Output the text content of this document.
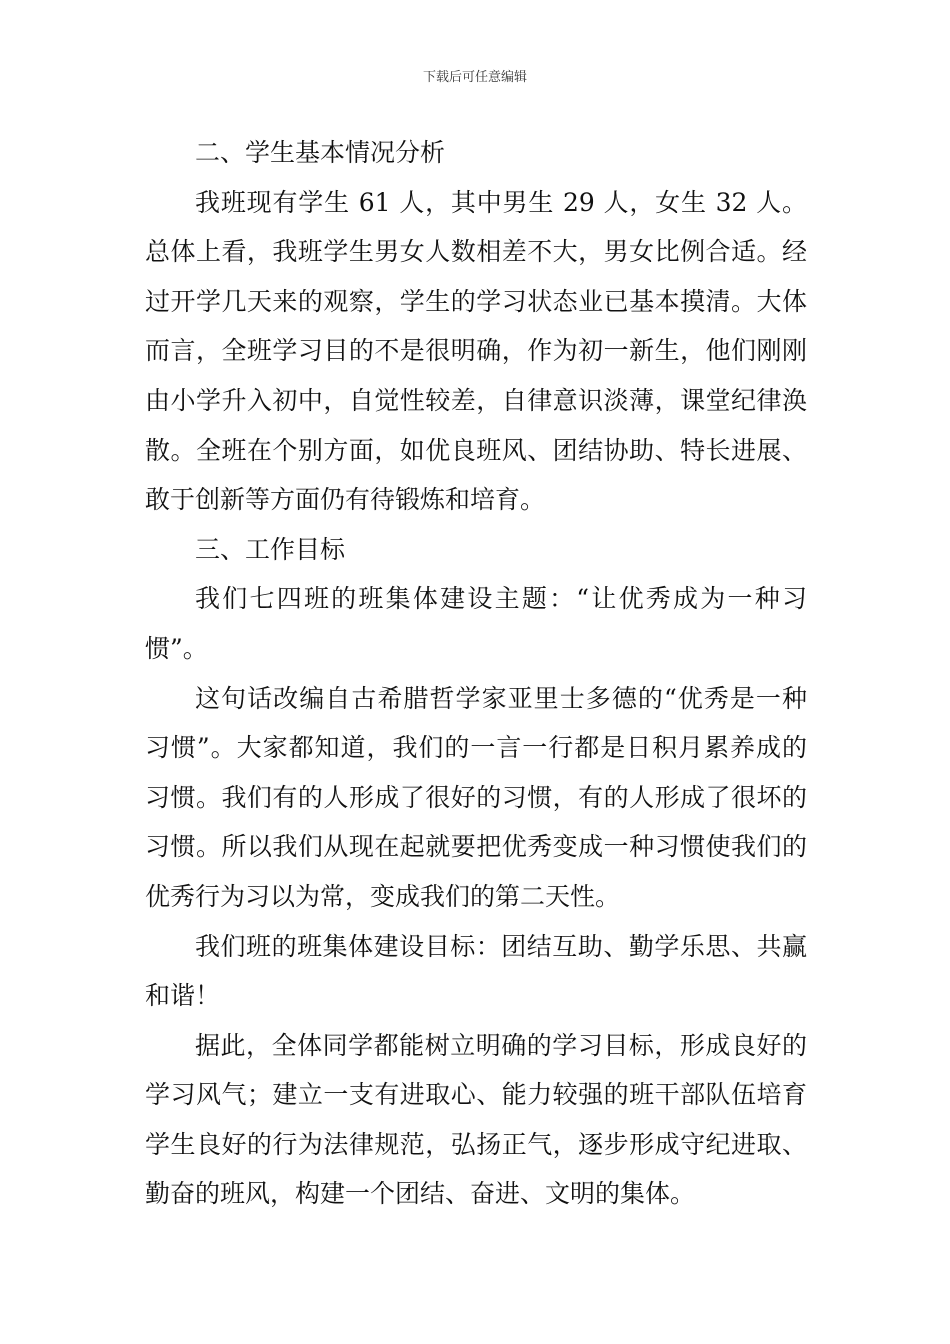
下载后可任意编辑

二、学生基本情况分析

我班现有学生 61 人，其中男生 29 人，女生 32 人。总体上看，我班学生男女人数相差不大，男女比例合适。经过开学几天来的观察，学生的学习状态业已基本摸清。大体而言，全班学习目的不是很明确，作为初一新生，他们刚刚由小学升入初中，自觉性较差，自律意识淡薄，课堂纪律涣散。全班在个别方面，如优良班风、团结协助、特长进展、敢于创新等方面仍有待锻炼和培育。

三、工作目标

我们七四班的班集体建设主题：“让优秀成为一种习惯”。

这句话改编自古希腊哲学家亚里士多德的“优秀是一种习惯”。大家都知道，我们的一言一行都是日积月累养成的习惯。我们有的人形成了很好的习惯，有的人形成了很坏的习惯。所以我们从现在起就要把优秀变成一种习惯使我们的优秀行为习以为常，变成我们的第二天性。

我们班的班集体建设目标：团结互助、勤学乐思、共赢和谐！

据此，全体同学都能树立明确的学习目标，形成良好的学习风气；建立一支有进取心、能力较强的班干部队伍培育学生良好的行为法律规范，弘扬正气，逐步形成守纪进取、勤奋的班风，构建一个团结、奋进、文明的集体。
